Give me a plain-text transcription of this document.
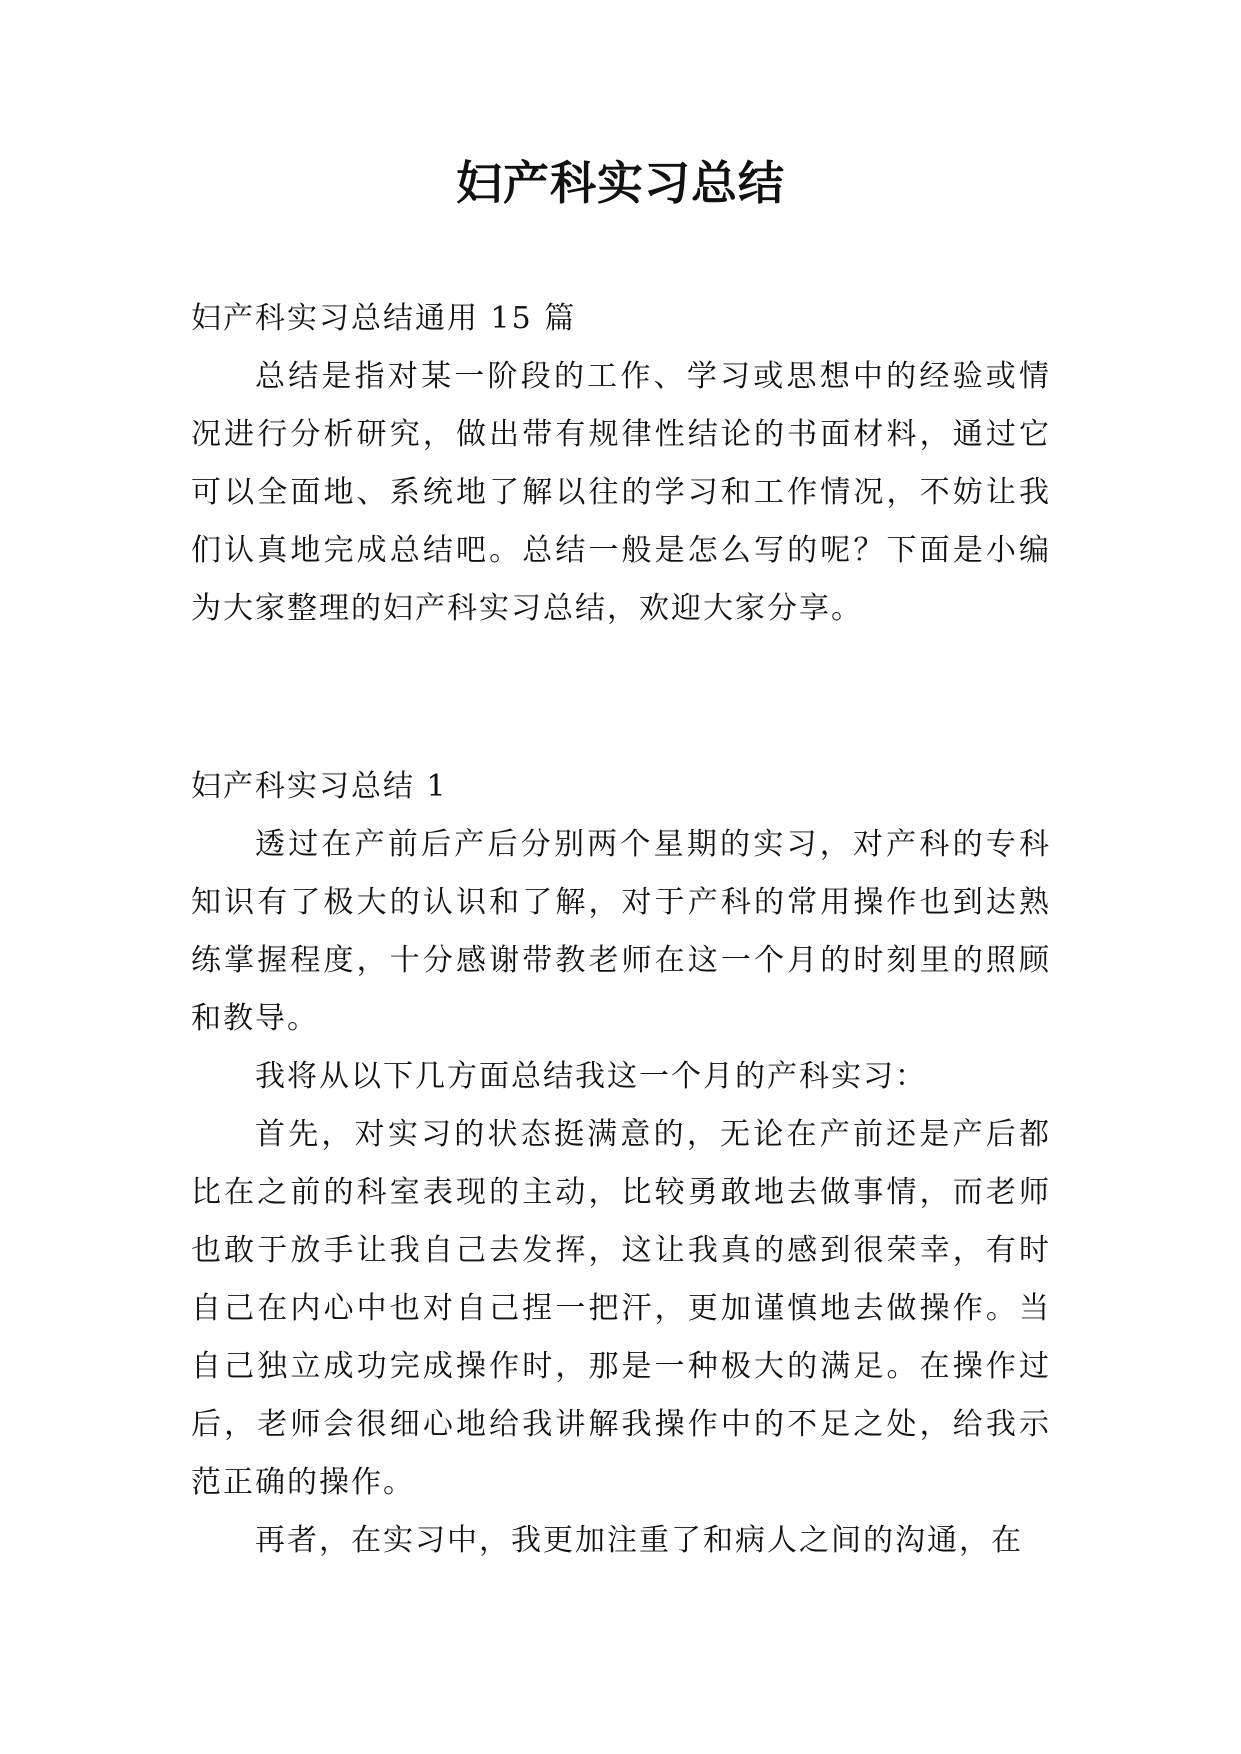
妇产科实习总结

妇产科实习总结通用 15 篇

总结是指对某一阶段的工作、学习或思想中的经验或情况进行分析研究，做出带有规律性结论的书面材料，通过它可以全面地、系统地了解以往的学习和工作情况，不妨让我们认真地完成总结吧。总结一般是怎么写的呢？下面是小编为大家整理的妇产科实习总结，欢迎大家分享。

妇产科实习总结 1

透过在产前后产后分别两个星期的实习，对产科的专科知识有了极大的认识和了解，对于产科的常用操作也到达熟练掌握程度，十分感谢带教老师在这一个月的时刻里的照顾和教导。

我将从以下几方面总结我这一个月的产科实习：

首先，对实习的状态挺满意的，无论在产前还是产后都比在之前的科室表现的主动，比较勇敢地去做事情，而老师也敢于放手让我自己去发挥，这让我真的感到很荣幸，有时自己在内心中也对自己捏一把汗，更加谨慎地去做操作。当自己独立成功完成操作时，那是一种极大的满足。在操作过后，老师会很细心地给我讲解我操作中的不足之处，给我示范正确的操作。

再者，在实习中，我更加注重了和病人之间的沟通，在
